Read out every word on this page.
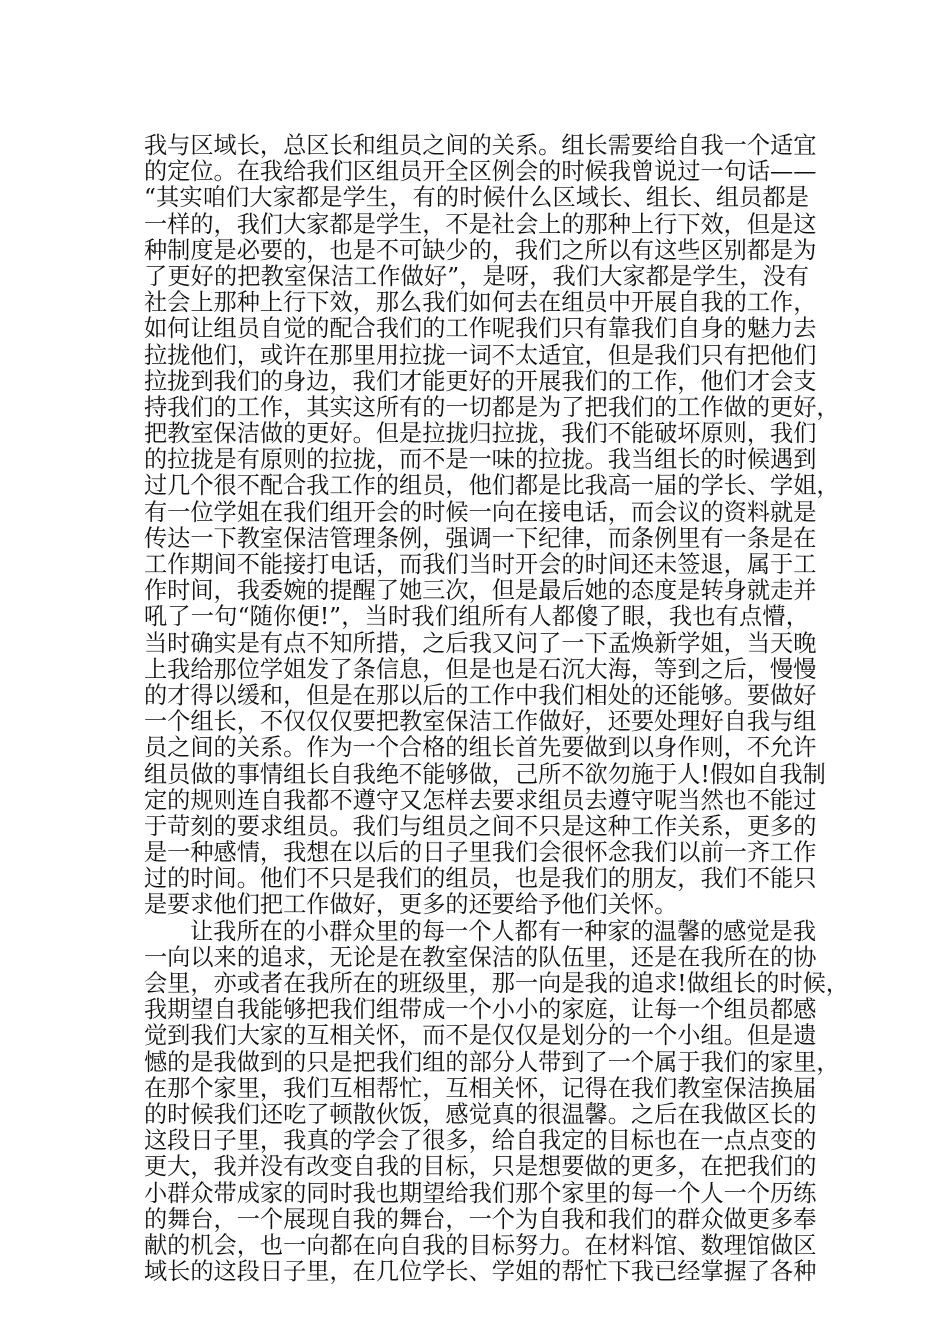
我与区域长，总区长和组员之间的关系。组长需要给自我一个适宜
的定位。在我给我们区组员开全区例会的时候我曾说过一句话——
“其实咱们大家都是学生，有的时候什么区域长、组长、组员都是
一样的，我们大家都是学生，不是社会上的那种上行下效，但是这
种制度是必要的，也是不可缺少的，我们之所以有这些区别都是为
了更好的把教室保洁工作做好”，是呀，我们大家都是学生，没有
社会上那种上行下效，那么我们如何去在组员中开展自我的工作，
如何让组员自觉的配合我们的工作呢我们只有靠我们自身的魅力去
拉拢他们，或许在那里用拉拢一词不太适宜，但是我们只有把他们
拉拢到我们的身边，我们才能更好的开展我们的工作，他们才会支
持我们的工作，其实这所有的一切都是为了把我们的工作做的更好，
把教室保洁做的更好。但是拉拢归拉拢，我们不能破坏原则，我们
的拉拢是有原则的拉拢，而不是一味的拉拢。我当组长的时候遇到
过几个很不配合我工作的组员，他们都是比我高一届的学长、学姐，
有一位学姐在我们组开会的时候一向在接电话，而会议的资料就是
传达一下教室保洁管理条例，强调一下纪律，而条例里有一条是在
工作期间不能接打电话，而我们当时开会的时间还未签退，属于工
作时间，我委婉的提醒了她三次，但是最后她的态度是转身就走并
吼了一句“随你便!”，当时我们组所有人都傻了眼，我也有点懵，
当时确实是有点不知所措，之后我又问了一下孟焕新学姐，当天晚
上我给那位学姐发了条信息，但是也是石沉大海，等到之后，慢慢
的才得以缓和，但是在那以后的工作中我们相处的还能够。要做好
一个组长，不仅仅仅要把教室保洁工作做好，还要处理好自我与组
员之间的关系。作为一个合格的组长首先要做到以身作则，不允许
组员做的事情组长自我绝不能够做，己所不欲勿施于人!假如自我制
定的规则连自我都不遵守又怎样去要求组员去遵守呢当然也不能过
于苛刻的要求组员。我们与组员之间不只是这种工作关系，更多的
是一种感情，我想在以后的日子里我们会很怀念我们以前一齐工作
过的时间。他们不只是我们的组员，也是我们的朋友，我们不能只
是要求他们把工作做好，更多的还要给予他们关怀。
让我所在的小群众里的每一个人都有一种家的温馨的感觉是我
一向以来的追求，无论是在教室保洁的队伍里，还是在我所在的协
会里，亦或者在我所在的班级里，那一向是我的追求!做组长的时候，
我期望自我能够把我们组带成一个小小的家庭，让每一个组员都感
觉到我们大家的互相关怀，而不是仅仅是划分的一个小组。但是遗
憾的是我做到的只是把我们组的部分人带到了一个属于我们的家里，
在那个家里，我们互相帮忙，互相关怀，记得在我们教室保洁换届
的时候我们还吃了顿散伙饭，感觉真的很温馨。之后在我做区长的
这段日子里，我真的学会了很多，给自我定的目标也在一点点变的
更大，我并没有改变自我的目标，只是想要做的更多，在把我们的
小群众带成家的同时我也期望给我们那个家里的每一个人一个历练
的舞台，一个展现自我的舞台，一个为自我和我们的群众做更多奉
献的机会，也一向都在向自我的目标努力。在材料馆、数理馆做区
域长的这段日子里，在几位学长、学姐的帮忙下我已经掌握了各种
